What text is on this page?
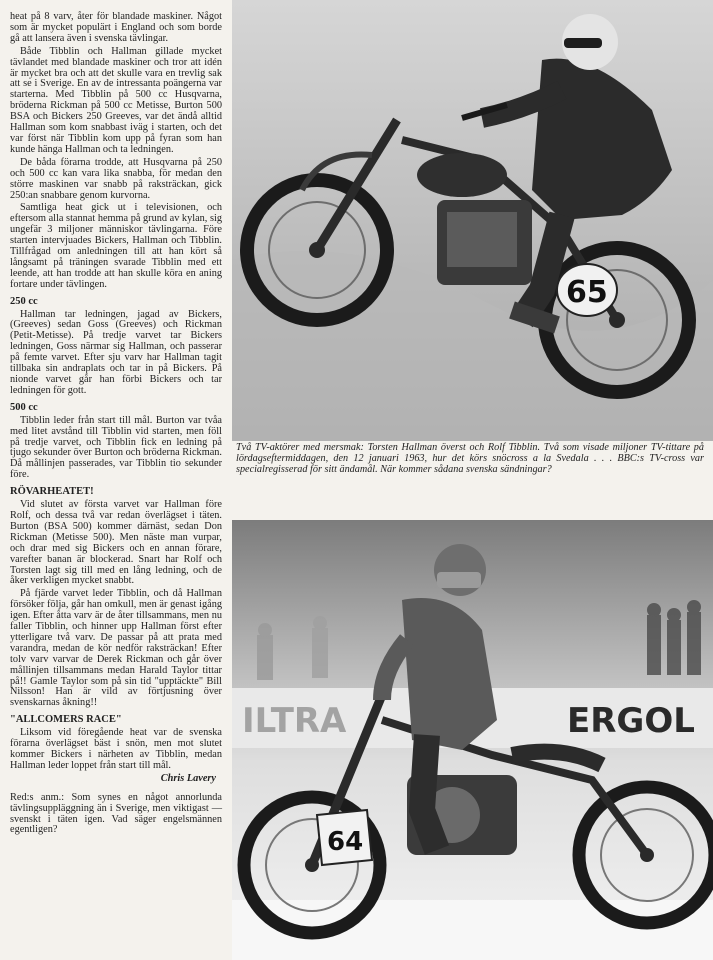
heat på 8 varv, åter för blandade maskiner. Något som är mycket populärt i England och som borde gå att lansera även i svenska tävlingar.

Både Tibblin och Hallman gillade mycket tävlandet med blandade maskiner och tror att idén är mycket bra och att det skulle vara en trevlig sak att se i Sverige. En av de intressanta poängerna var starterna. Med Tibblin på 500 cc Husqvarna, bröderna Rickman på 500 cc Metisse, Burton 500 BSA och Bickers 250 Greeves, var det ändå alltid Hallman som kom snabbast iväg i starten, och det var först när Tibblin kom upp på fyran som han kunde hänga Hallman och ta ledningen.

De båda förarna trodde, att Husqvarna på 250 och 500 cc kan vara lika snabba, för medan den större maskinen var snabb på raksträckan, gick 250:an snabbare genom kurvorna.

Samtliga heat gick ut i televisionen, och eftersom alla stannat hemma på grund av kylan, sig ungefär 3 miljoner människor tävlingarna. Före starten intervjuades Bickers, Hallman och Tibblin. Tillfrågad om anledningen till att han kört så långsamt på träningen svarade Tibblin med ett leende, att han trodde att han skulle köra en aning fortare under tävlingen.

250 cc

Hallman tar ledningen, jagad av Bickers, (Greeves) sedan Goss (Greeves) och Rickman (Petit-Metisse). På tredje varvet tar Bickers ledningen, Goss närmar sig Hallman, och passerar på femte varvet. Efter sju varv har Hallman tagit tillbaka sin andraplats och tar in på Bickers. På nionde varvet går han förbi Bickers och tar ledningen för gott.

500 cc

Tibblin leder från start till mål. Burton var tvåa med litet avstånd till Tibblin vid starten, men föll på tredje varvet, och Tibblin fick en ledning på tjugo sekunder över Burton och bröderna Rickman. Då mållinjen passerades, var Tibblin tio sekunder före.

RÖVARHEATET!

Vid slutet av första varvet var Hallman före Rolf, och dessa två var redan överlägset i täten. Burton (BSA 500) kommer därnäst, sedan Don Rickman (Metisse 500). Men näste man vurpar, och drar med sig Bickers och en annan förare, varefter banan är blockerad. Snart har Rolf och Torsten lagt sig till med en lång ledning, och de åker verkligen mycket snabbt.

På fjärde varvet leder Tibblin, och då Hallman försöker följa, går han omkull, men är genast igång igen. Efter åtta varv är de åter tillsammans, men nu faller Tibblin, och hinner upp Hallman först efter ytterligare två varv. De passar på att prata med varandra, medan de kör nedför raksträckan! Efter tolv varv varvar de Derek Rickman och går över mållinjen tillsammans medan Harald Taylor tittar på!! Gamle Taylor som på sin tid "upptäckte" Bill Nilsson! Han är vild av förtjusning över svenskarnas åkning!!

"ALLCOMERS RACE"

Liksom vid föregående heat var de svenska förarna överlägset bäst i snön, men mot slutet kommer Bickers i närheten av Tibblin, medan Hallman leder loppet från start till mål.

Chris Lavery

Red:s anm.: Som synes en något annorlunda tävlingsuppläggning än i Sverige, men viktigast — svenskt i täten igen. Vad säger engelsmännen egentligen?

65
Två TV-aktörer med mersmak: Torsten Hallman överst och Rolf Tibblin. Två som visade miljoner TV-tittare på lördagseftermiddagen, den 12 januari 1963, hur det körs snöcross a la Svedala . . . BBC:s TV-cross var specialregisserad för sitt ändamål. När kommer sådana svenska sändningar?
ILTRA	ERGOL
64
